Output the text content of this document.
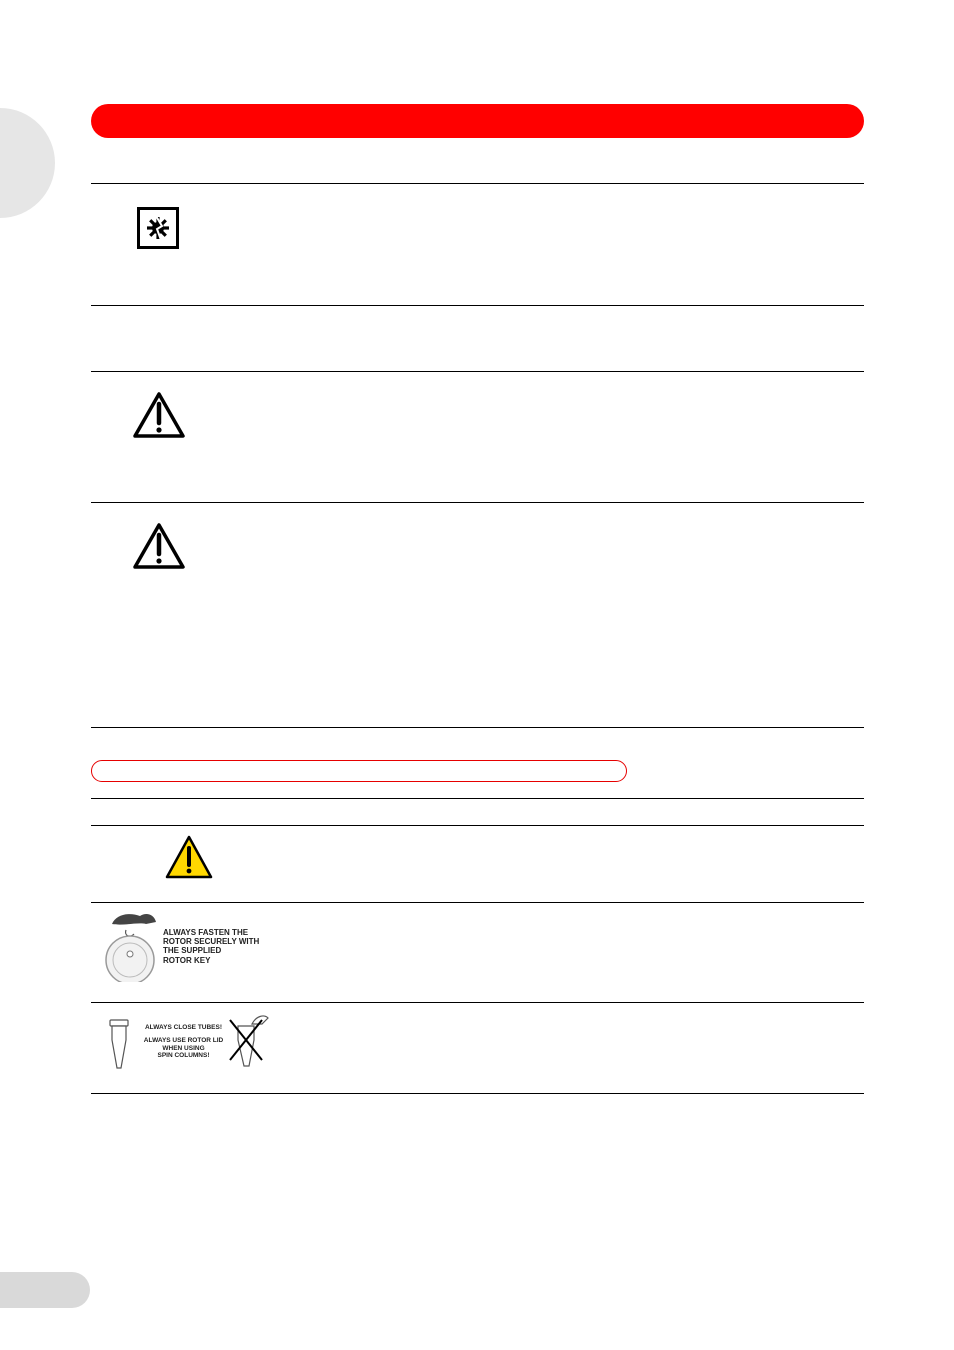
ALWAYS FASTEN THE
ROTOR SECURELY WITH
THE SUPPLIED
ROTOR KEY
ALWAYS CLOSE TUBES!
ALWAYS USE ROTOR LID
WHEN USING
SPIN COLUMNS!
